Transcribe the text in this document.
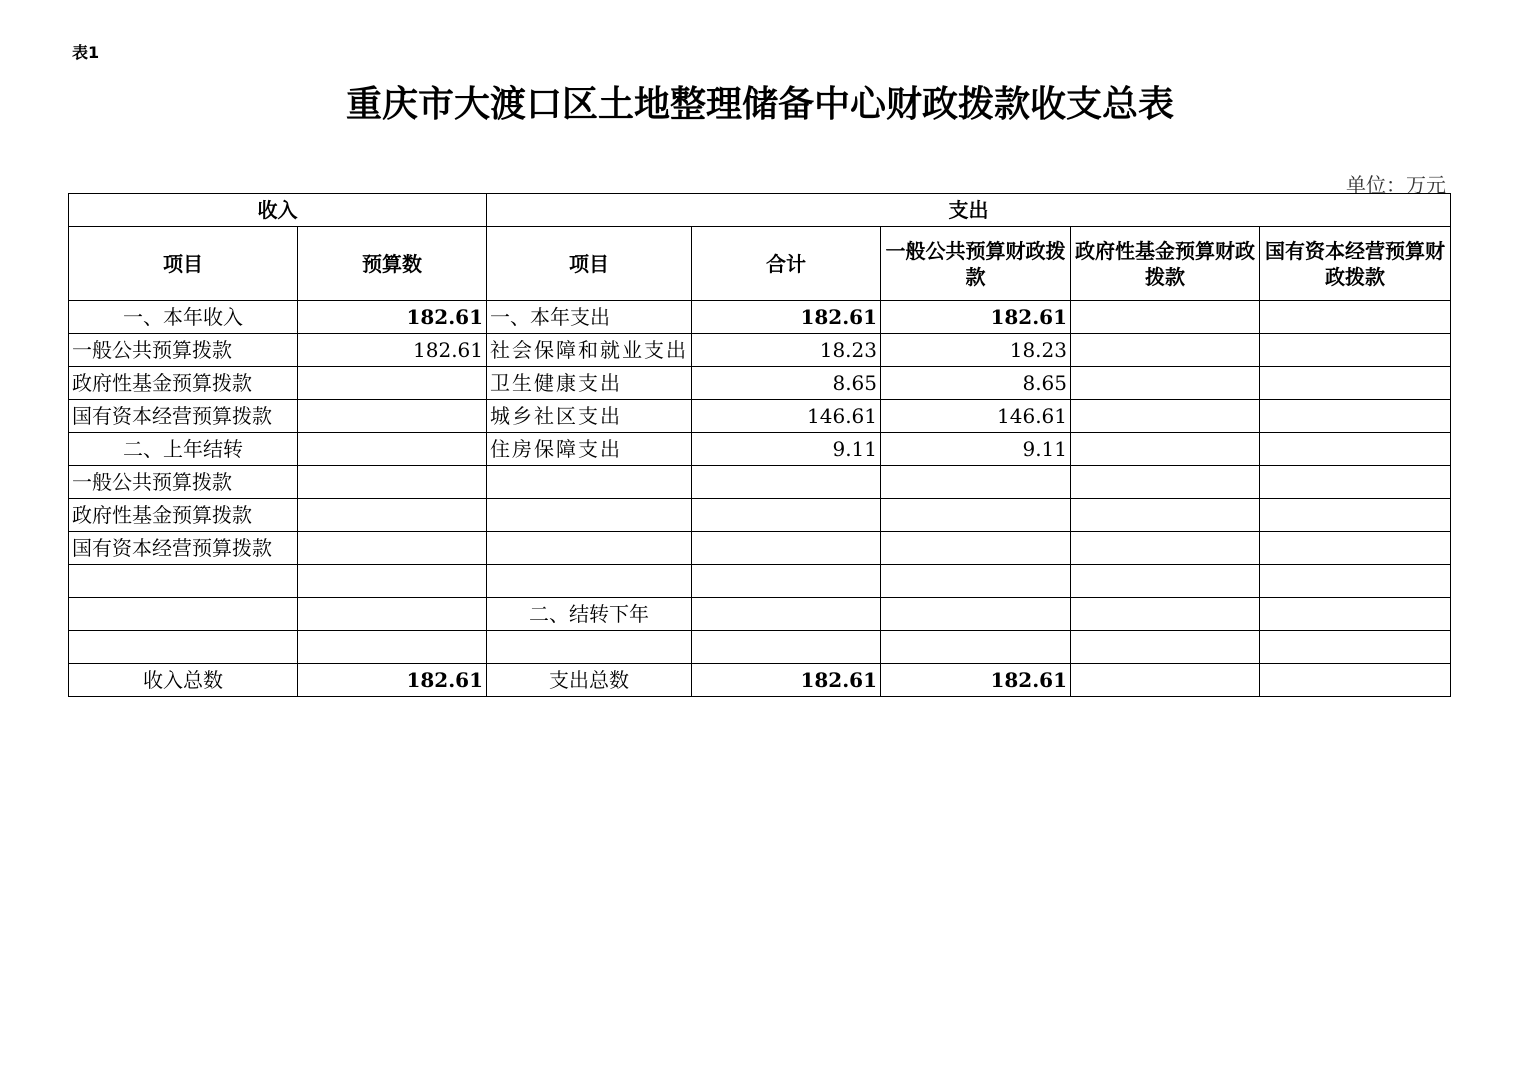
表1
重庆市大渡口区土地整理储备中心财政拨款收支总表
单位：万元
收入		支出				
项目	预算数	项目	合计	一般公共预算财政拨款	政府性基金预算财政拨款	国有资本经营预算财政拨款
一、本年收入	182.61	一、本年支出	182.61	182.61		
一般公共预算拨款	182.61	社会保障和就业支出	18.23	18.23		
政府性基金预算拨款		卫生健康支出	8.65	8.65		
国有资本经营预算拨款		城乡社区支出	146.61	146.61		
二、上年结转		住房保障支出	9.11	9.11		
一般公共预算拨款						
政府性基金预算拨款						
国有资本经营预算拨款						

		二、结转下年				

收入总数	182.61	支出总数	182.61	182.61		
